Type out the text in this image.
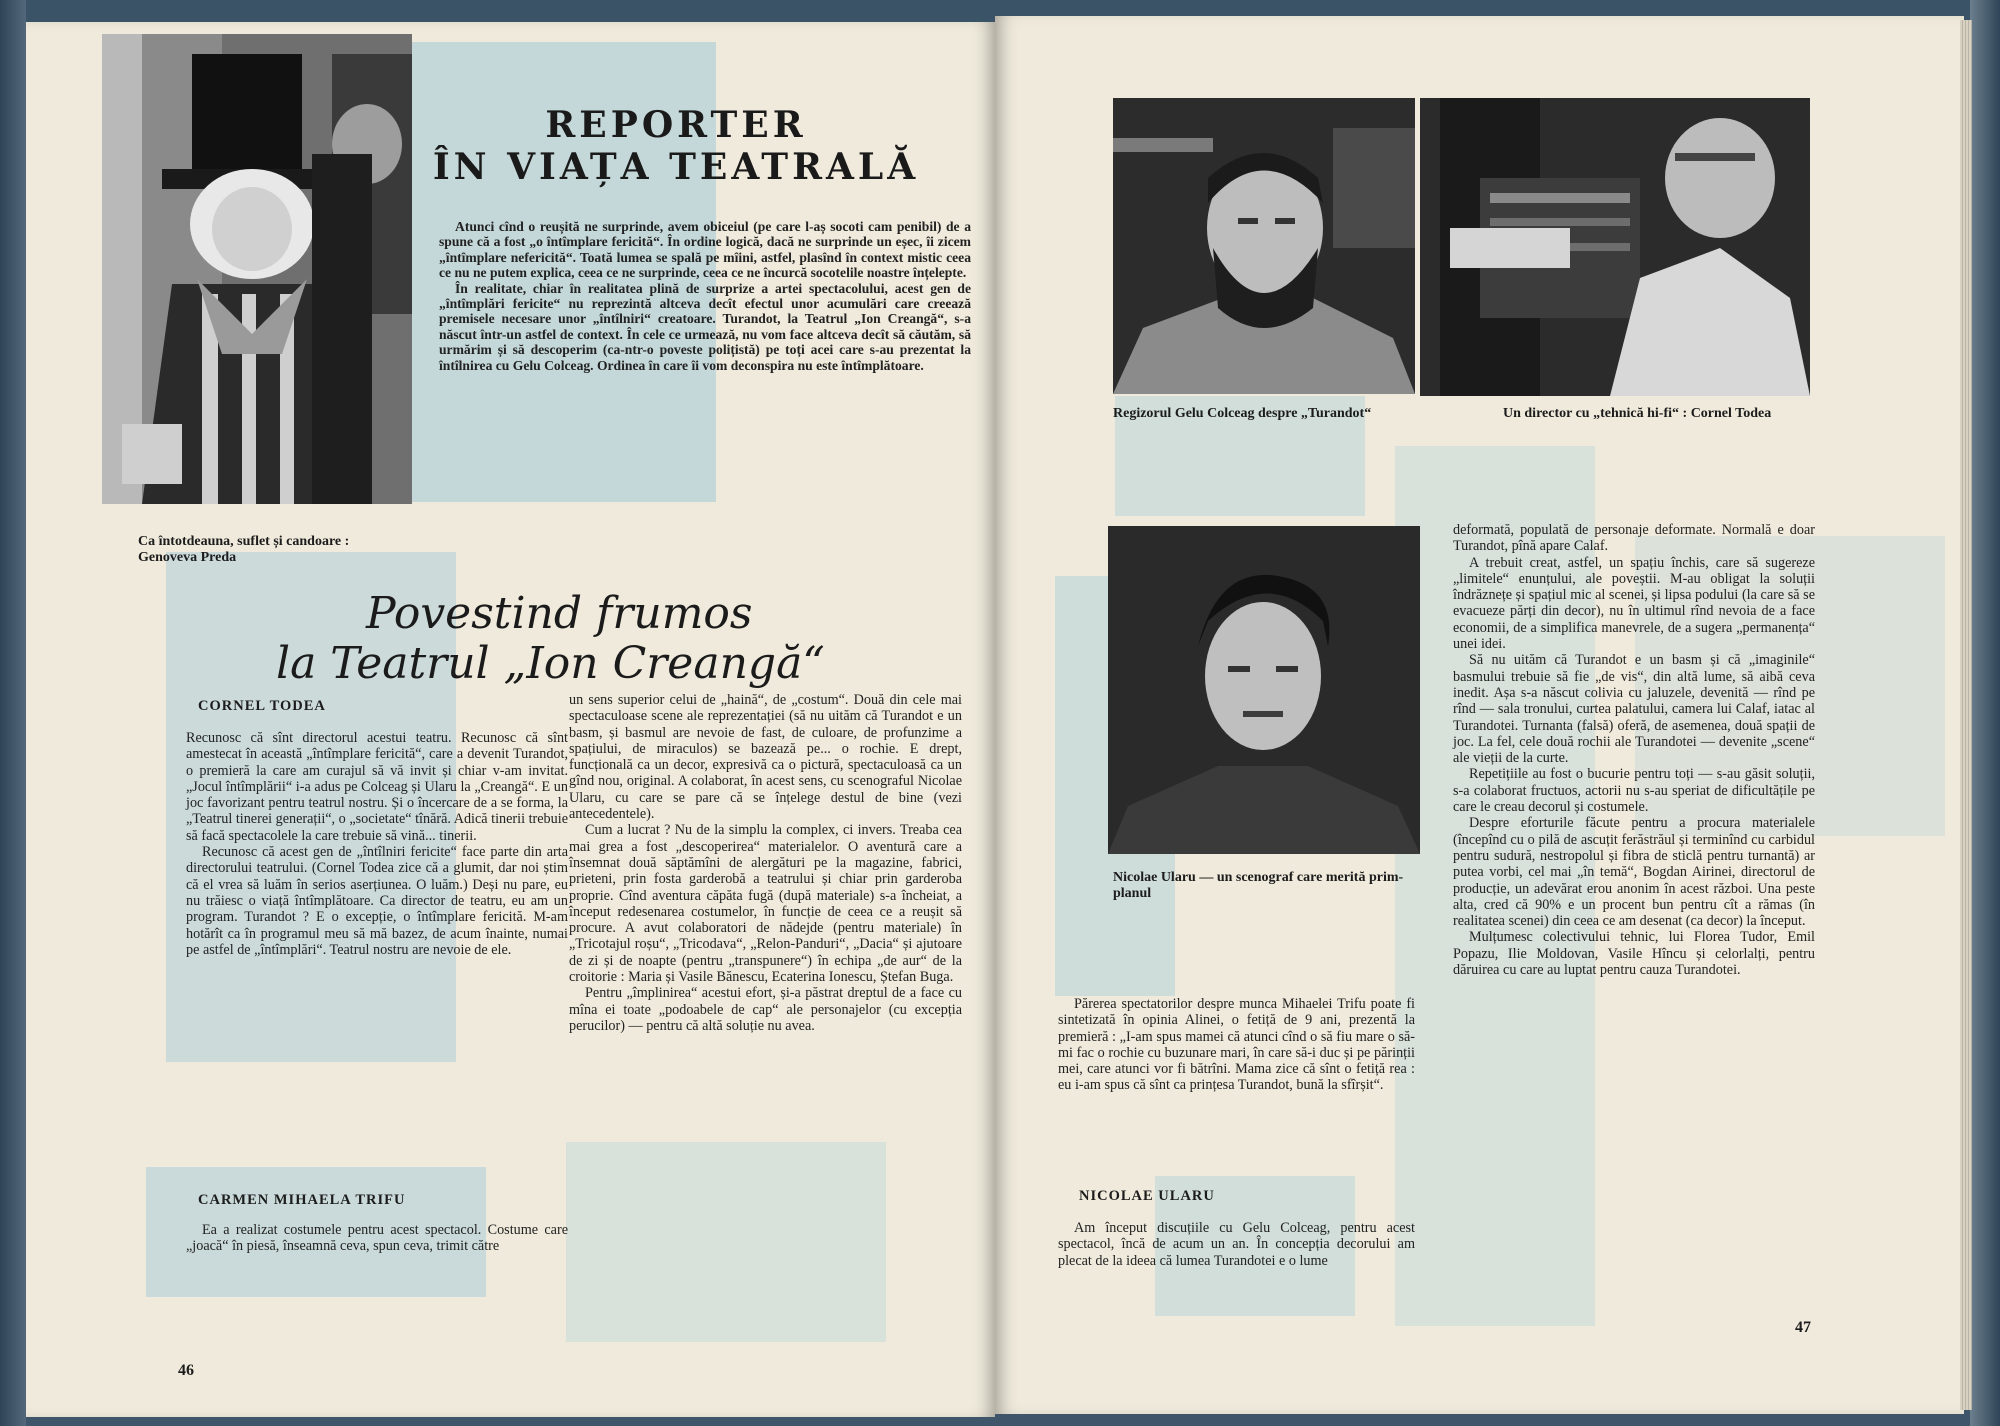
REPORTER
ÎN VIAȚA TEATRALĂ

Atunci cînd o reușită ne surprinde, avem obiceiul (pe care l-aș socoti cam penibil) de a spune că a fost „o întîmplare fericită“. În ordine logică, dacă ne surprinde un eșec, îi zicem „întîmplare nefericită“. Toată lumea se spală pe mîini, astfel, plasînd în context mistic ceea ce nu ne putem explica, ceea ce ne surprinde, ceea ce ne încurcă socotelile noastre înțelepte.

În realitate, chiar în realitatea plină de surprize a artei spectacolului, acest gen de „întîmplări fericite“ nu reprezintă altceva decît efectul unor acumulări care creează premisele necesare unor „întîlniri“ creatoare. Turandot, la Teatrul „Ion Creangă“, s-a născut într-un astfel de context. În cele ce urmează, nu vom face altceva decît să căutăm, să urmărim și să descoperim (ca-ntr-o poveste polițistă) pe toți acei care s-au prezentat la întîlnirea cu Gelu Colceag. Ordinea în care îi vom deconspira nu este întîmplătoare.

Ca întotdeauna, suflet și candoare : Genoveva Preda
Povestind frumos
la Teatrul „Ion Creangă“
CORNEL TODEA

Recunosc că sînt directorul acestui teatru. Recunosc că sînt amestecat în această „întîmplare fericită“, care a devenit Turandot, o premieră la care am curajul să vă invit și chiar v-am invitat. „Jocul întîmplării“ i-a adus pe Colceag și Ularu la „Creangă“. E un joc favorizant pentru teatrul nostru. Și o încercare de a se forma, la „Teatrul tinerei generații“, o „societate“ tînără. Adică tinerii trebuie să facă spectacolele la care trebuie să vină... tinerii.

Recunosc că acest gen de „întîlniri fericite“ face parte din arta directorului teatrului. (Cornel Todea zice că a glumit, dar noi știm că el vrea să luăm în serios aserțiunea. O luăm.) Deși nu pare, eu nu trăiesc o viață întîmplătoare. Ca director de teatru, eu am un program. Turandot ? E o excepție, o întîmplare fericită. M-am hotărît ca în programul meu să mă bazez, de acum înainte, numai pe astfel de „întîmplări“. Teatrul nostru are nevoie de ele.

CARMEN MIHAELA TRIFU

Ea a realizat costumele pentru acest spectacol. Costume care „joacă“ în piesă, înseamnă ceva, spun ceva, trimit către

un sens superior celui de „haină“, de „costum“. Două din cele mai spectaculoase scene ale reprezentației (să nu uităm că Turandot e un basm, și basmul are nevoie de fast, de culoare, de profunzime a spațiului, de miraculos) se bazează pe... o rochie. E drept, funcțională ca un decor, expresivă ca o pictură, spectaculoasă ca un gînd nou, original. A colaborat, în acest sens, cu scenograful Nicolae Ularu, cu care se pare că se înțelege destul de bine (vezi antecedentele).

Cum a lucrat ? Nu de la simplu la complex, ci invers. Treaba cea mai grea a fost „descoperirea“ materialelor. O aventură care a însemnat două săptămîni de alergături pe la magazine, fabrici, prieteni, prin fosta garderobă a teatrului și chiar prin garderoba proprie. Cînd aventura căpăta fugă (după materiale) s-a încheiat, a început redesenarea costumelor, în funcție de ceea ce a reușit să procure. A avut colaboratori de nădejde (pentru materiale) în „Tricotajul roșu“, „Tricodava“, „Relon-Panduri“, „Dacia“ și ajutoare de zi și de noapte (pentru „transpunere“) în echipa „de aur“ de la croitorie : Maria și Vasile Bănescu, Ecaterina Ionescu, Ștefan Buga.

Pentru „împlinirea“ acestui efort, și-a păstrat dreptul de a face cu mîna ei toate „podoabele de cap“ ale personajelor (cu excepția perucilor) — pentru că altă soluție nu avea.

46
Regizorul Gelu Colceag despre „Turandot“	Un director cu „tehnică hi-fi“ : Cornel Todea
Nicolae Ularu — un scenograf care merită prim-planul

Părerea spectatorilor despre munca Mihaelei Trifu poate fi sintetizată în opinia Alinei, o fetiță de 9 ani, prezentă la premieră : „I-am spus mamei că atunci cînd o să fiu mare o să-mi fac o rochie cu buzunare mari, în care să-i duc și pe părinții mei, care atunci vor fi bătrîni. Mama zice că sînt o fetiță rea : eu i-am spus că sînt ca prințesa Turandot, bună la sfîrșit“.

NICOLAE ULARU

Am început discuțiile cu Gelu Colceag, pentru acest spectacol, încă de acum un an. În concepția decorului am plecat de la ideea că lumea Turandotei e o lume

deformată, populată de personaje deformate. Normală e doar Turandot, pînă apare Calaf.

A trebuit creat, astfel, un spațiu închis, care să sugereze „limitele“ enunțului, ale poveștii. M-au obligat la soluții îndrăznețe și spațiul mic al scenei, și lipsa podului (la care să se evacueze părți din decor), nu în ultimul rînd nevoia de a face economii, de a simplifica manevrele, de a sugera „permanența“ unei idei.

Să nu uităm că Turandot e un basm și că „imaginile“ basmului trebuie să fie „de vis“, din altă lume, să aibă ceva inedit. Așa s-a născut colivia cu jaluzele, devenită — rînd pe rînd — sala tronului, curtea palatului, camera lui Calaf, iatac al Turandotei. Turnanta (falsă) oferă, de asemenea, două spații de joc. La fel, cele două rochii ale Turandotei — devenite „scene“ ale vieții de la curte.

Repetițiile au fost o bucurie pentru toți — s-au găsit soluții, s-a colaborat fructuos, actorii nu s-au speriat de dificultățile pe care le creau decorul și costumele.

Despre eforturile făcute pentru a procura materialele (începînd cu o pilă de ascuțit ferăstrăul și terminînd cu carbidul pentru sudură, nestropolul și fibra de sticlă pentru turnantă) ar putea vorbi, cel mai „în temă“, Bogdan Airinei, directorul de producție, un adevărat erou anonim în acest război. Una peste alta, cred că 90% e un procent bun pentru cît a rămas (în realitatea scenei) din ceea ce am desenat (ca decor) la început.

Mulțumesc colectivului tehnic, lui Florea Tudor, Emil Popazu, Ilie Moldovan, Vasile Hîncu și celorlalți, pentru dăruirea cu care au luptat pentru cauza Turandotei.

47
